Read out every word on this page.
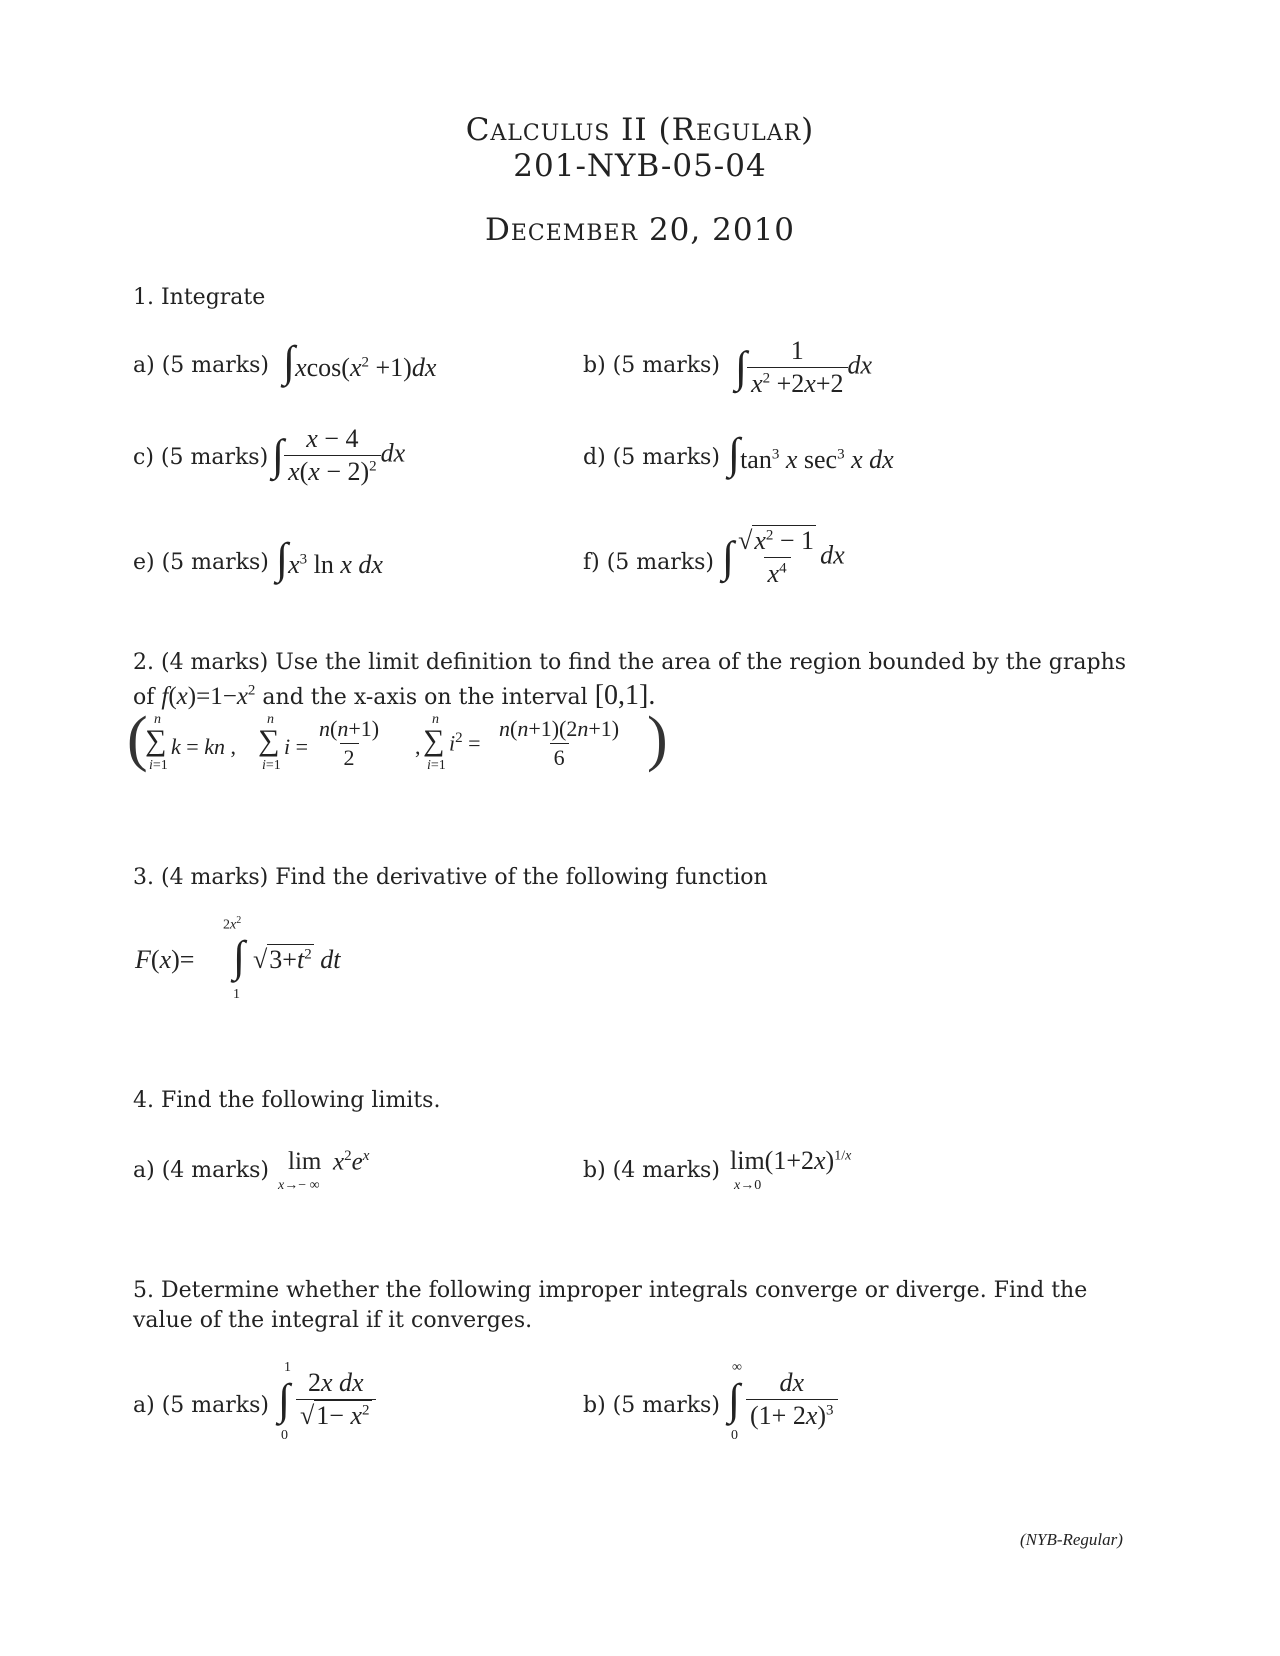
Calculus II (Regular)
201-NYB-05-04
December 20, 2010
1. Integrate
a) (5 marks) $\int xcos(x^2 +1)dx$	b) (5 marks) ∫ $\frac{1}{x^2 +2x+2}$ dx
c) (5 marks) ∫ $\frac{x - 4}{x(x - 2)^2}$ dx	d) (5 marks) $\int\tan^3$ x $\sec^3 x$ dx
e) (5 marks) $\int x^3$ ln x dx	f) (5 marks) ∫ $\frac{√x^2 - 1}{x^4}$ dx
2. (4 marks) Use the limit definition to find the area of the region bounded by the graphs
of $f(x)=1-x^2$ and the x-axis on the interval [0,1].
( n
∑
i=1
k = kn ,
n
∑
i=1
$i = \frac{n(n+1)}{2}$ ,
n
∑
i=1
$i^2 = \frac{n(n+1)(2n+1)}{6}$ )
3. (4 marks) Find the derivative of the following function
F(x)=
$2x^2$
∫
1
$√3+t^2$ dt
4. Find the following limits.
a) (4 marks) lim
x→− ∞
$x^2e^x$
b) (4 marks) $\lim(1+2x)^{1/x}$
x→0
5. Determine whether the following improper integrals converge or diverge. Find the
value of the integral if it converges.
a) (5 marks)
1
∫
0
$\frac{\text{2x dx}}{√1- x^2}$	b) (5 marks)
∞
∫
0
$\frac{dx}{(1+ 2x)^3}$
(NYB-Regular)
